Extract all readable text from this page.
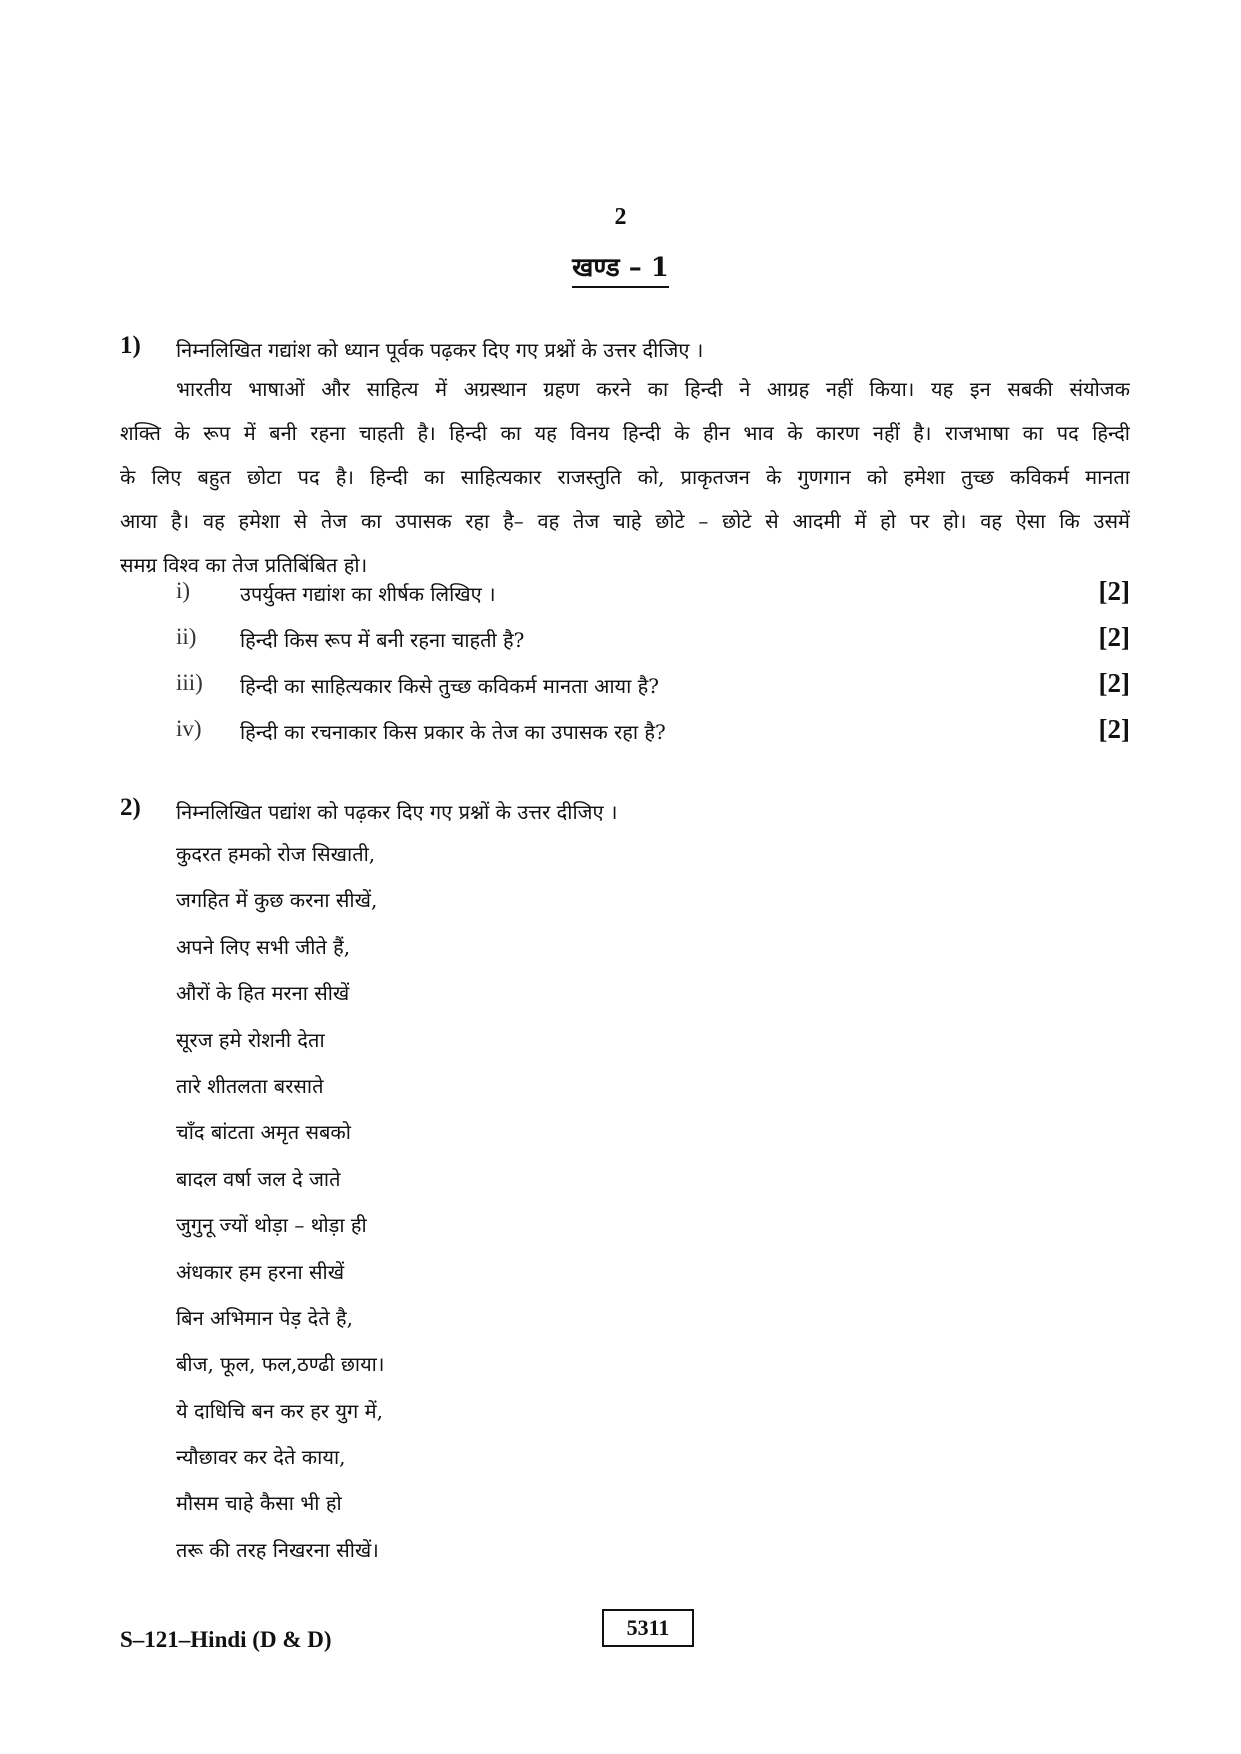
2
खण्ड – 1
1) निम्नलिखित गद्यांश को ध्यान पूर्वक पढ़कर दिए गए प्रश्नों के उत्तर दीजिए ।
भारतीय भाषाओं और साहित्य में अग्रस्थान ग्रहण करने का हिन्दी ने आग्रह नहीं किया। यह इन सबकी संयोजक
शक्ति के रूप में बनी रहना चाहती है। हिन्दी का यह विनय हिन्दी के हीन भाव के कारण नहीं है। राजभाषा का पद हिन्दी
के लिए बहुत छोटा पद है। हिन्दी का साहित्यकार राजस्तुति को, प्राकृतजन के गुणगान को हमेशा तुच्छ कविकर्म मानता
आया है। वह हमेशा से तेज का उपासक रहा है– वह तेज चाहे छोटे – छोटे से आदमी में हो पर हो। वह ऐसा कि उसमें
समग्र विश्व का तेज प्रतिबिंबित हो।
i) उपर्युक्त गद्यांश का शीर्षक लिखिए ।	[2]
ii) हिन्दी किस रूप में बनी रहना चाहती है?	[2]
iii) हिन्दी का साहित्यकार किसे तुच्छ कविकर्म मानता आया है?	[2]
iv) हिन्दी का रचनाकार किस प्रकार के तेज का उपासक रहा है?	[2]
2) निम्नलिखित पद्यांश को पढ़कर दिए गए प्रश्नों के उत्तर दीजिए ।
कुदरत हमको रोज सिखाती,
जगहित में कुछ करना सीखें,
अपने लिए सभी जीते हैं,
औरों के हित मरना सीखें
सूरज हमे रोशनी देता
तारे शीतलता बरसाते
चाँद बांटता अमृत सबको
बादल वर्षा जल दे जाते
जुगुनू ज्यों थोड़ा – थोड़ा ही
अंधकार हम हरना सीखें
बिन अभिमान पेड़ देते है,
बीज, फूल, फल,ठण्ढी छाया।
ये दाधिचि बन कर हर युग में,
न्यौछावर कर देते काया,
मौसम चाहे कैसा भी हो
तरू की तरह निखरना सीखें।
S–121–Hindi (D & D)	5311
